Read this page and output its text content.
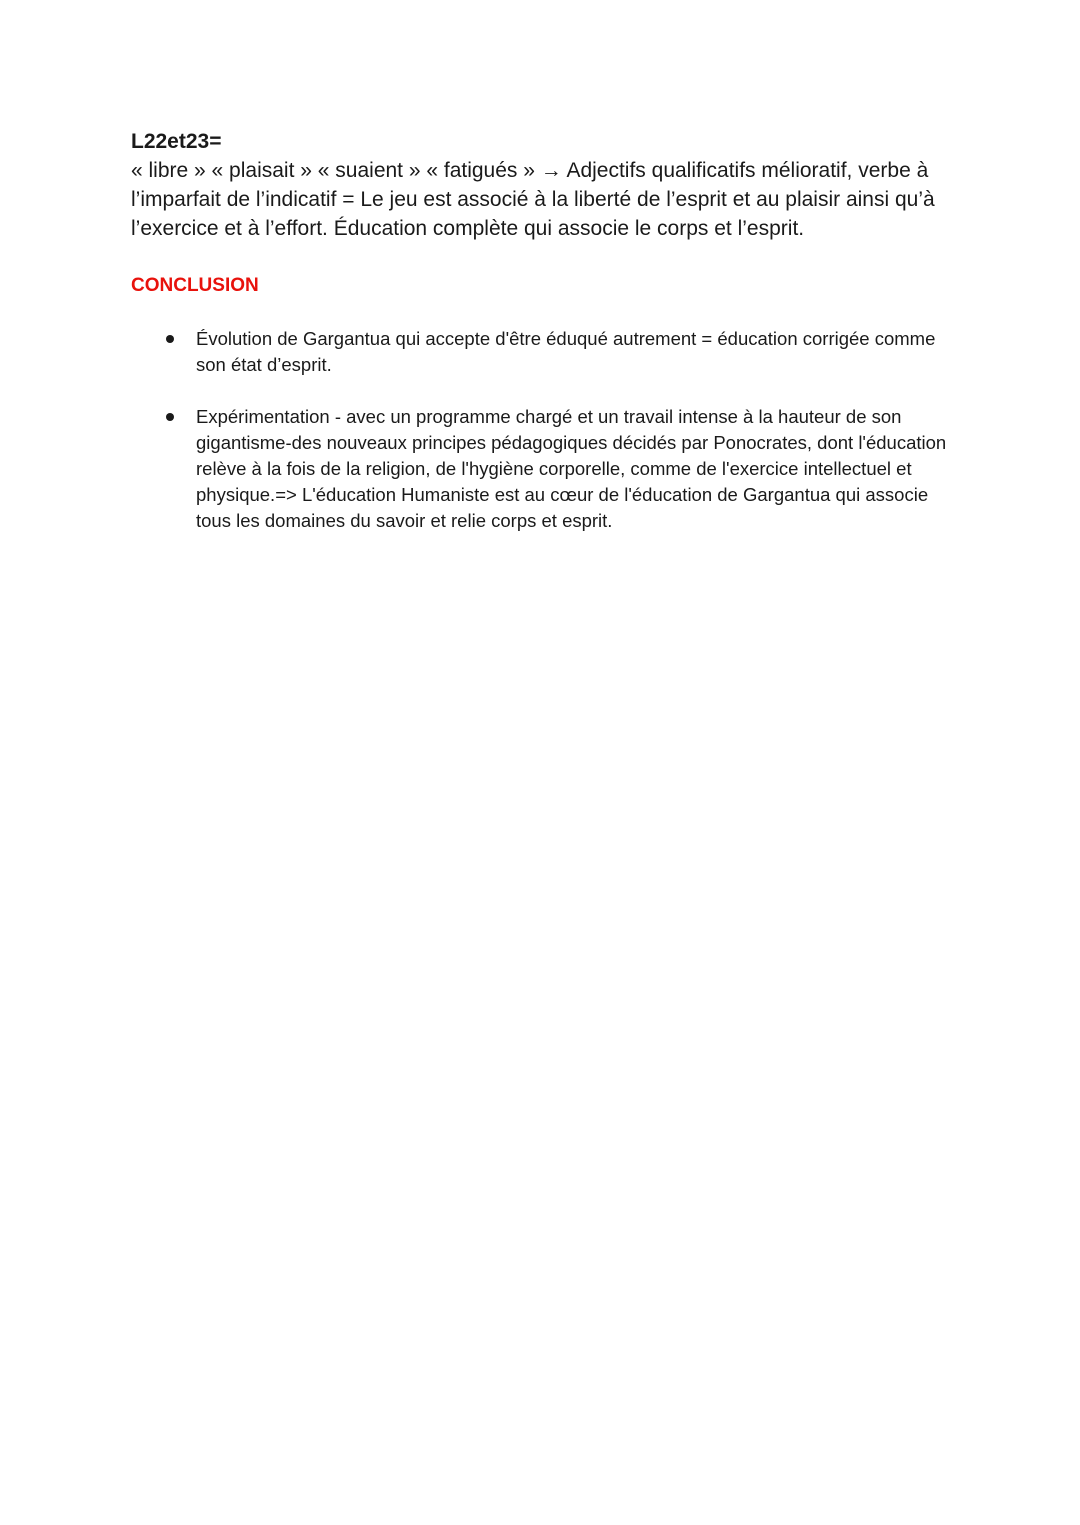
L22et23=

« libre » « plaisait » « suaient » « fatigués » → Adjectifs qualificatifs mélioratif, verbe à l’imparfait de l’indicatif = Le jeu est associé à la liberté de l’esprit et au plaisir ainsi qu’à l’exercice et à l’effort. Éducation complète qui associe le corps et l’esprit.

CONCLUSION

Évolution de Gargantua qui accepte d'être éduqué autrement = éducation corrigée comme son état d’esprit.
Expérimentation - avec un programme chargé et un travail intense à la hauteur de son gigantisme-des nouveaux principes pédagogiques décidés par Ponocrates, dont l'éducation relève à la fois de la religion, de l'hygiène corporelle, comme de l'exercice intellectuel et physique.=> L'éducation Humaniste est au cœur de l'éducation de Gargantua qui associe tous les domaines du savoir et relie corps et esprit.
